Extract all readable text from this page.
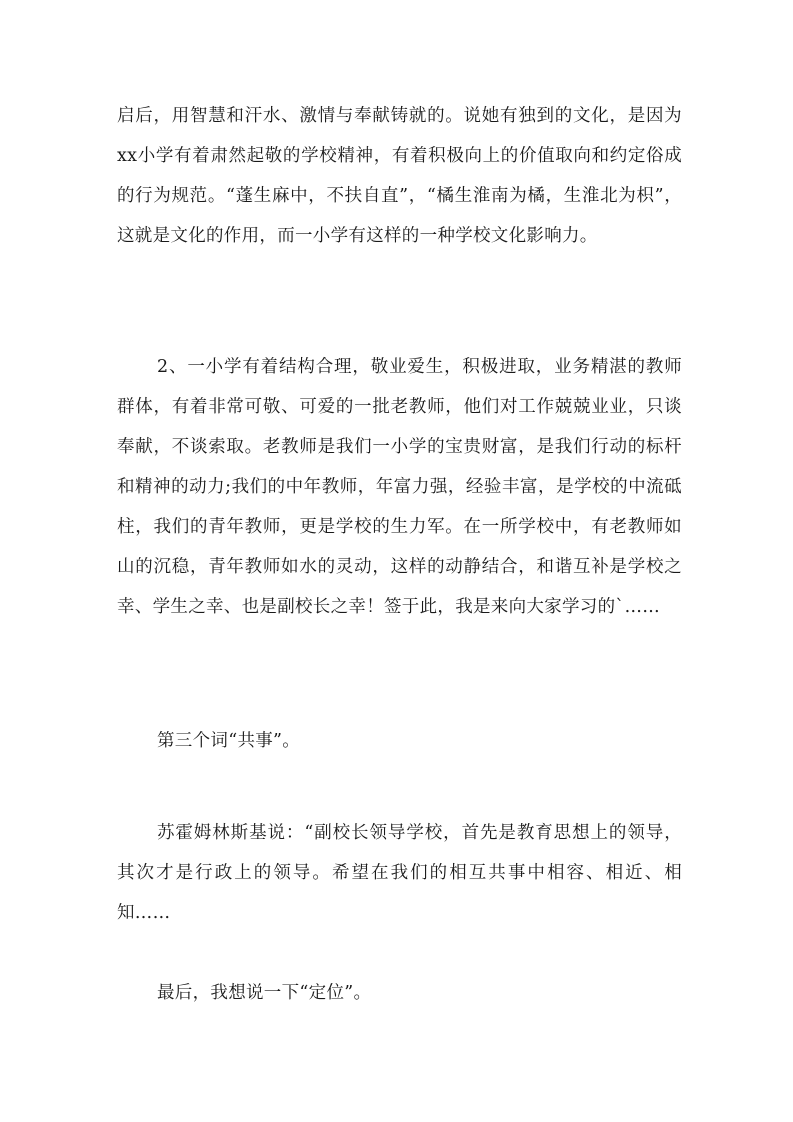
启后，用智慧和汗水、激情与奉献铸就的。说她有独到的文化，是因为xx小学有着肃然起敬的学校精神，有着积极向上的价值取向和约定俗成的行为规范。“蓬生麻中，不扶自直”，“橘生淮南为橘，生淮北为枳”，这就是文化的作用，而一小学有这样的一种学校文化影响力。

2、一小学有着结构合理，敬业爱生，积极进取，业务精湛的教师群体，有着非常可敬、可爱的一批老教师，他们对工作兢兢业业，只谈奉献，不谈索取。老教师是我们一小学的宝贵财富，是我们行动的标杆和精神的动力;我们的中年教师，年富力强，经验丰富，是学校的中流砥柱，我们的青年教师，更是学校的生力军。在一所学校中，有老教师如山的沉稳，青年教师如水的灵动，这样的动静结合，和谐互补是学校之幸、学生之幸、也是副校长之幸！签于此，我是来向大家学习的`……

第三个词“共事”。

苏霍姆林斯基说：“副校长领导学校，首先是教育思想上的领导，其次才是行政上的领导。希望在我们的相互共事中相容、相近、相知……

最后，我想说一下“定位”。
